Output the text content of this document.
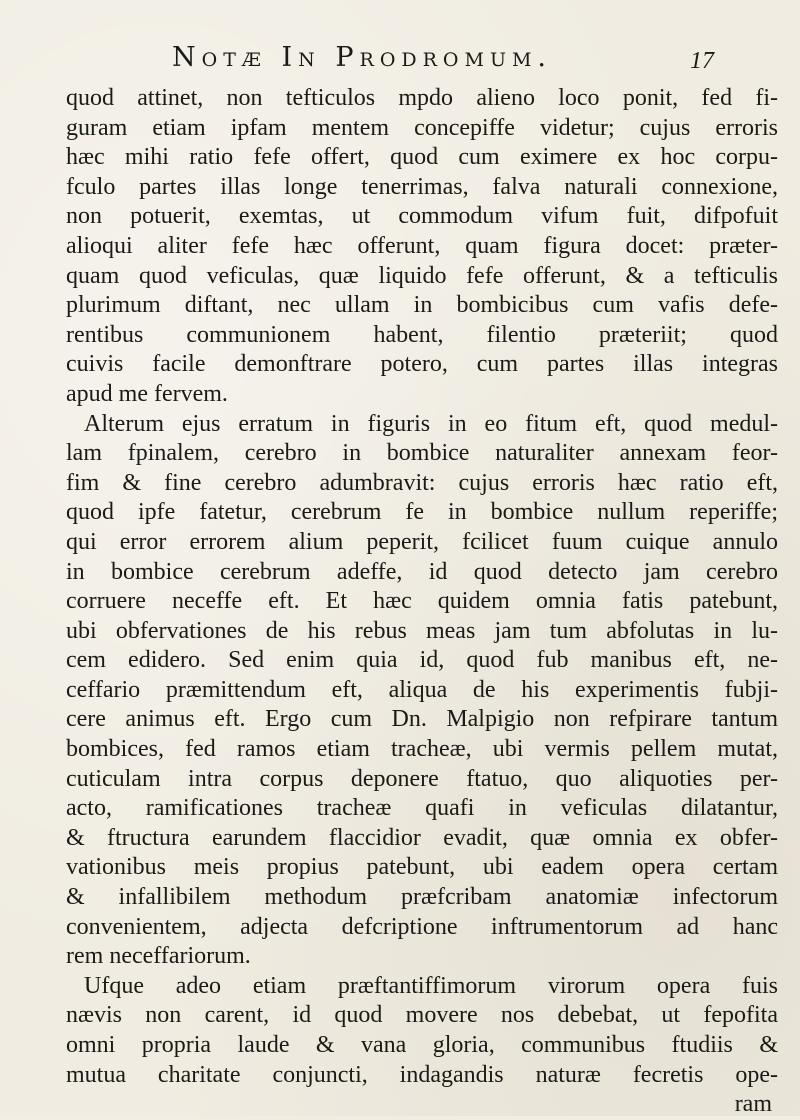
Notæ In Prodromum.	17
quod attinet, non tefticulos mpdo alieno loco ponit, fed fi-
guram etiam ipfam mentem concepiffe videtur; cujus erroris
hæc mihi ratio fefe offert, quod cum eximere ex hoc corpu-
fculo partes illas longe tenerrimas, falva naturali connexione,
non potuerit, exemtas, ut commodum vifum fuit, difpofuit
alioqui aliter fefe hæc offerunt, quam figura docet: præter-
quam quod veficulas, quæ liquido fefe offerunt, & a tefticulis
plurimum diftant, nec ullam in bombicibus cum vafis defe-
rentibus communionem habent, filentio præteriit; quod
cuivis facile demonftrare potero, cum partes illas integras
apud me fervem.
Alterum ejus erratum in figuris in eo fitum eft, quod medul-
lam fpinalem, cerebro in bombice naturaliter annexam feor-
fim & fine cerebro adumbravit: cujus erroris hæc ratio eft,
quod ipfe fatetur, cerebrum fe in bombice nullum reperiffe;
qui error errorem alium peperit, fcilicet fuum cuique annulo
in bombice cerebrum adeffe, id quod detecto jam cerebro
corruere neceffe eft. Et hæc quidem omnia fatis patebunt,
ubi obfervationes de his rebus meas jam tum abfolutas in lu-
cem edidero. Sed enim quia id, quod fub manibus eft, ne-
ceffario præmittendum eft, aliqua de his experimentis fubji-
cere animus eft. Ergo cum Dn. Malpigio non refpirare tantum
bombices, fed ramos etiam tracheæ, ubi vermis pellem mutat,
cuticulam intra corpus deponere ftatuo, quo aliquoties per-
acto, ramificationes tracheæ quafi in veficulas dilatantur,
& ftructura earundem flaccidior evadit, quæ omnia ex obfer-
vationibus meis propius patebunt, ubi eadem opera certam
& infallibilem methodum præfcribam anatomiæ infectorum
convenientem, adjecta defcriptione inftrumentorum ad hanc
rem neceffariorum.
Ufque adeo etiam præftantiffimorum virorum opera fuis
nævis non carent, id quod movere nos debebat, ut fepofita
omni propria laude & vana gloria, communibus ftudiis &
mutua charitate conjuncti, indagandis naturæ fecretis ope-
ram
